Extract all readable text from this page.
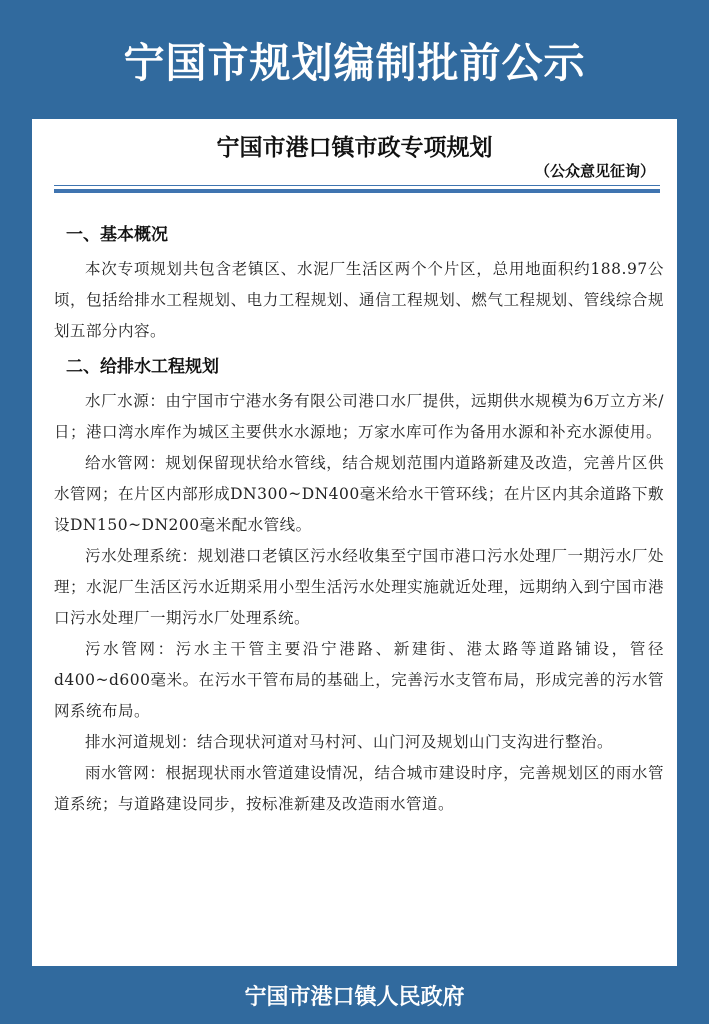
宁国市规划编制批前公示
宁国市港口镇市政专项规划
（公众意见征询）
一、基本概况

本次专项规划共包含老镇区、水泥厂生活区两个个片区，总用地面积约188.97公顷，包括给排水工程规划、电力工程规划、通信工程规划、燃气工程规划、管线综合规划五部分内容。

二、给排水工程规划

水厂水源：由宁国市宁港水务有限公司港口水厂提供，远期供水规模为6万立方米/日；港口湾水库作为城区主要供水水源地；万家水库可作为备用水源和补充水源使用。

给水管网：规划保留现状给水管线，结合规划范围内道路新建及改造，完善片区供水管网；在片区内部形成DN300~DN400毫米给水干管环线；在片区内其余道路下敷设DN150~DN200毫米配水管线。

污水处理系统：规划港口老镇区污水经收集至宁国市港口污水处理厂一期污水厂处理；水泥厂生活区污水近期采用小型生活污水处理实施就近处理，远期纳入到宁国市港口污水处理厂一期污水厂处理系统。

污水管网：污水主干管主要沿宁港路、新建街、港太路等道路铺设，管径d400~d600毫米。在污水干管布局的基础上，完善污水支管布局，形成完善的污水管网系统布局。

排水河道规划：结合现状河道对马村河、山门河及规划山门支沟进行整治。

雨水管网：根据现状雨水管道建设情况，结合城市建设时序，完善规划区的雨水管道系统；与道路建设同步，按标准新建及改造雨水管道。

宁国市港口镇人民政府
